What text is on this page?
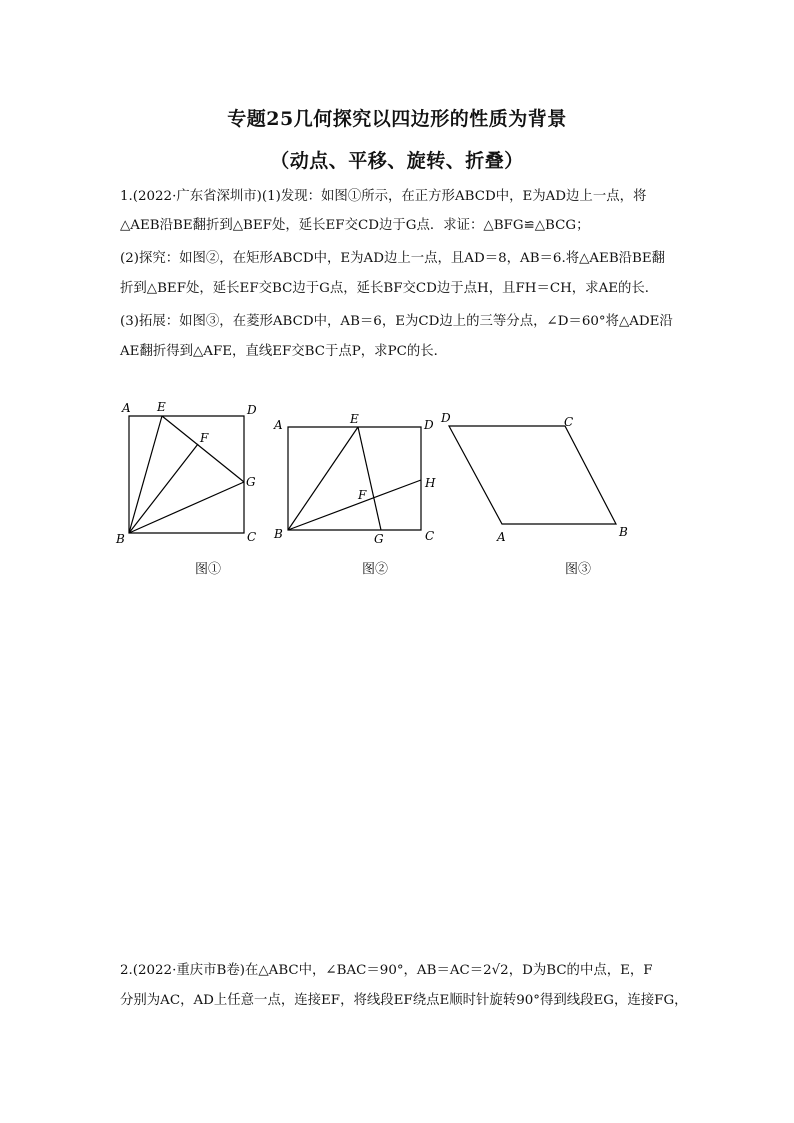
专题25几何探究以四边形的性质为背景
（动点、平移、旋转、折叠）
1.(2022·广东省深圳市)(1)发现：如图①所示，在正方形ABCD中，E为AD边上一点，将
△AEB沿BE翻折到△BEF处，延长EF交CD边于G点．求证：△BFG≌△BCG；
(2)探究：如图②，在矩形ABCD中，E为AD边上一点，且AD＝8，AB＝6.将△AEB沿BE翻
折到△BEF处，延长EF交BC边于G点，延长BF交CD边于点H，且FH＝CH，求AE的长．
(3)拓展：如图③，在菱形ABCD中，AB＝6，E为CD边上的三等分点，∠D＝60°将△ADE沿
AE翻折得到△AFE，直线EF交BC于点P，求PC的长．
A E	D
F
G
B	C
图①
A	E	D
H
F
B	G	C
图②
D	C
A	B
图③
2.(2022·重庆市B卷)在△ABC中，∠BAC＝90°，AB＝AC＝2√2，D为BC的中点，E，F
分别为AC，AD上任意一点，连接EF，将线段EF绕点E顺时针旋转90°得到线段EG，连接FG，
